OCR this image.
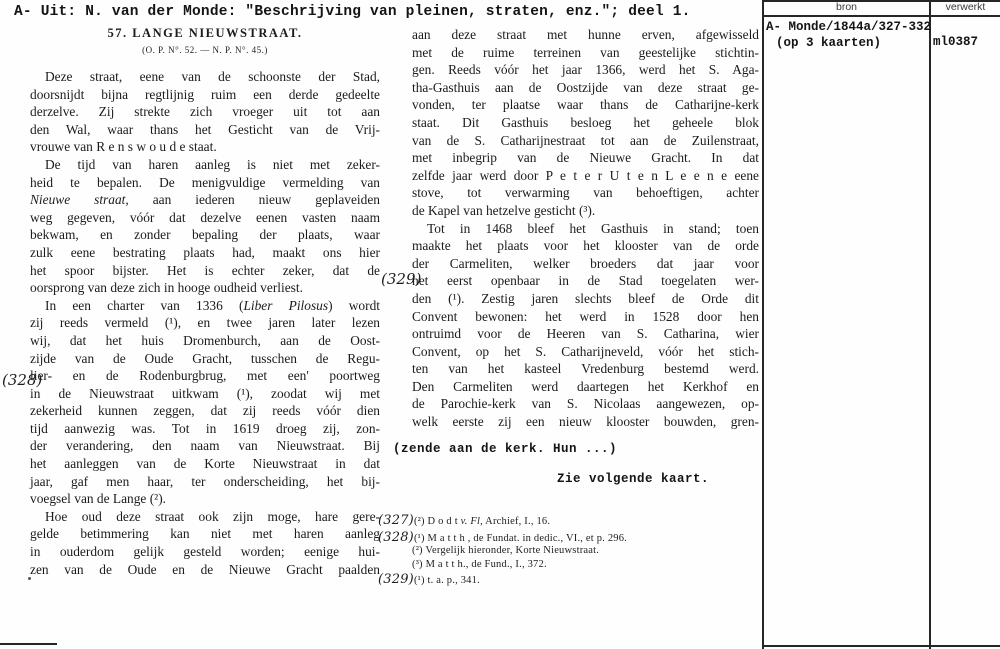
A- Uit: N. van der Monde: "Beschrijving van pleinen, straten, enz."; deel 1.
57. LANGE NIEUWSTRAAT.
(O. P. N°. 52. — N. P. N°. 45.)
Deze straat, eene van de schoonste der Stad,
doorsnijdt bijna regtlijnig ruim een derde gedeelte
derzelve. Zij strekte zich vroeger uit tot aan
den Wal, waar thans het Gesticht van de Vrij-
vrouwe van R e n s w o u d e staat.
De tijd van haren aanleg is niet met zeker-
heid te bepalen. De menigvuldige vermelding van
Nieuwe straat, aan iederen nieuw geplaveiden
weg gegeven, vóór dat dezelve eenen vasten naam
bekwam, en zonder bepaling der plaats, waar
zulk eene bestrating plaats had, maakt ons hier
het spoor bijster. Het is echter zeker, dat de
oorsprong van deze zich in hooge oudheid verliest.
In een charter van 1336 (Liber Pilosus) wordt
zij reeds vermeld (¹), en twee jaren later lezen
wij, dat het huis Dromenburch, aan de Oost-
zijde van de Oude Gracht, tusschen de Regu-
lier- en de Rodenburgbrug, met een' poortweg
in de Nieuwstraat uitkwam (¹), zoodat wij met
zekerheid kunnen zeggen, dat zij reeds vóór dien
tijd aanwezig was. Tot in 1619 droeg zij, zon-
der verandering, den naam van Nieuwstraat. Bij
het aanleggen van de Korte Nieuwstraat in dat
jaar, gaf men haar, ter onderscheiding, het bij-
voegsel van de Lange (²).
Hoe oud deze straat ook zijn moge, hare gere-
gelde betimmering kan niet met haren aanleg
in ouderdom gelijk gesteld worden; eenige hui-
zen van de Oude en de Nieuwe Gracht paalden
aan deze straat met hunne erven, afgewisseld
met de ruime terreinen van geestelijke stichtin-
gen. Reeds vóór het jaar 1366, werd het S. Aga-
tha-Gasthuis aan de Oostzijde van deze straat ge-
vonden, ter plaatse waar thans de Catharijne-kerk
staat. Dit Gasthuis besloeg het geheele blok
van de S. Catharijnestraat tot aan de Zuilenstraat,
met inbegrip van de Nieuwe Gracht. In dat
zelfde jaar werd door P e t e r U t e n L e e n e eene
stove, tot verwarming van behoeftigen, achter
de Kapel van hetzelve gesticht (³).
Tot in 1468 bleef het Gasthuis in stand; toen
maakte het plaats voor het klooster van de orde
der Carmeliten, welker broeders dat jaar voor
het eerst openbaar in de Stad toegelaten wer-
den (¹). Zestig jaren slechts bleef de Orde dit
Convent bewonen: het werd in 1528 door hen
ontruimd voor de Heeren van S. Catharina, wier
Convent, op het S. Catharijneveld, vóór het stich-
ten van het kasteel Vredenburg bestemd werd.
Den Carmeliten werd daartegen het Kerkhof en
de Parochie-kerk van S. Nicolaas aangewezen, op-
welk eerste zij een nieuw klooster bouwden, gren-
(328)
(329)
(zende aan de kerk. Hun ...)
Zie volgende kaart.
(327) (²) D o d t v. Fl, Archief, I., 16.
(328) (¹) M a t t h , de Fundat. in dedic., VI., et p. 296.
(²) Vergelijk hieronder, Korte Nieuwstraat.
(³) M a t t h., de Fund., I., 372.
(329) (¹) t. a. p., 341.
bron	verwerkt
A- Monde/1844a/327-332
(op 3 kaarten)	ml0387
